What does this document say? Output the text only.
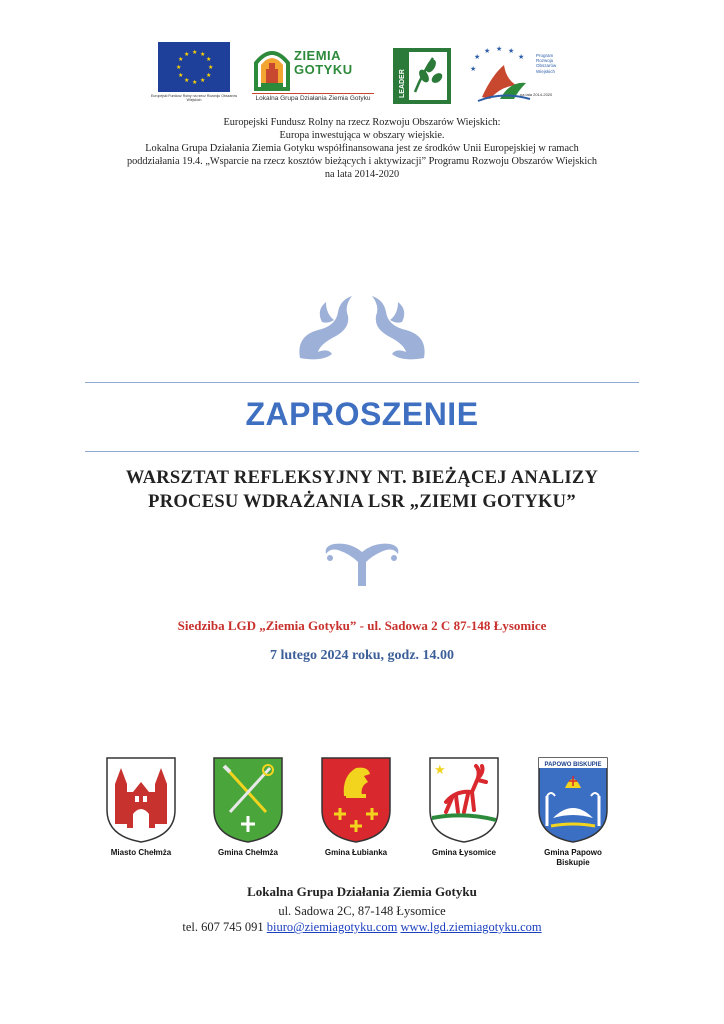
★ ★
★
★
★
★
★
★
★
★
★
★
Europejski Fundusz Rolny na rzecz Rozwoju Obszarów Wiejskich
ZIEMIA
GOTYKU
Lokalna Grupa Działania Ziemia Gotyku
LEADER
★
★ ★ ★
★
★
Program
Rozwoju
Obszarów
Wiejskich
na lata 2014-2020
Europejski Fundusz Rolny na rzecz Rozwoju Obszarów Wiejskich:
Europa inwestująca w obszary wiejskie.
Lokalna Grupa Działania Ziemia Gotyku współfinansowana jest ze środków Unii Europejskiej w ramach
poddziałania 19.4. „Wsparcie na rzecz kosztów bieżących i aktywizacji” Programu Rozwoju Obszarów Wiejskich
na lata 2014-2020
ZAPROSZENIE
WARSZTAT REFLEKSYJNY NT. BIEŻĄCEJ ANALIZY
PROCESU WDRAŻANIA LSR „ZIEMI GOTYKU”
Siedziba LGD „Ziemia Gotyku” - ul. Sadowa 2 C 87-148 Łysomice
7 lutego 2024 roku, godz. 14.00
Miasto Chełmża	Gmina Chełmża	Gmina Łubianka
★
Gmina Łysomice
PAPOWO BISKUPIE
Gmina Papowo Biskupie
Lokalna Grupa Działania Ziemia Gotyku
ul. Sadowa 2C, 87-148 Łysomice
tel. 607 745 091 biuro@ziemiagotyku.com www.lgd.ziemiagotyku.com
